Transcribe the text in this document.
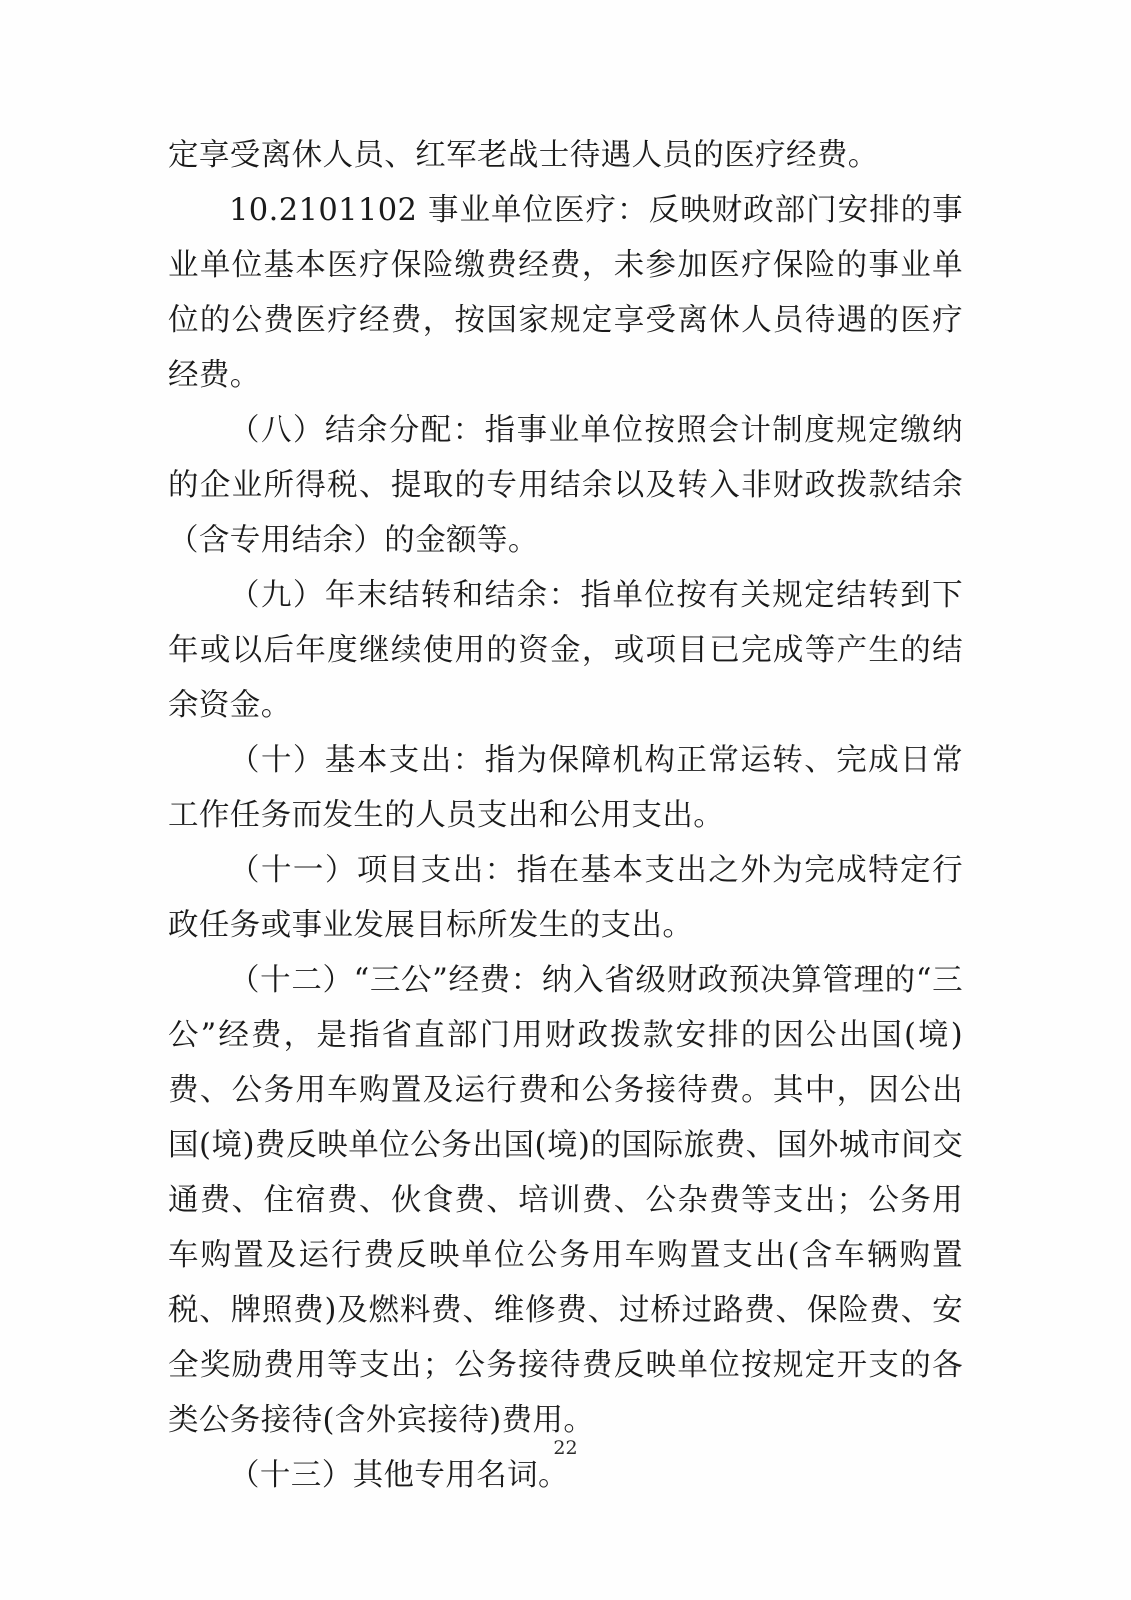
定享受离休人员、红军老战士待遇人员的医疗经费。

10.2101102 事业单位医疗：反映财政部门安排的事业单位基本医疗保险缴费经费，未参加医疗保险的事业单位的公费医疗经费，按国家规定享受离休人员待遇的医疗经费。

（八）结余分配：指事业单位按照会计制度规定缴纳的企业所得税、提取的专用结余以及转入非财政拨款结余（含专用结余）的金额等。

（九）年末结转和结余：指单位按有关规定结转到下年或以后年度继续使用的资金，或项目已完成等产生的结余资金。

（十）基本支出：指为保障机构正常运转、完成日常工作任务而发生的人员支出和公用支出。

（十一）项目支出：指在基本支出之外为完成特定行政任务或事业发展目标所发生的支出。

（十二）“三公”经费：纳入省级财政预决算管理的“三公”经费，是指省直部门用财政拨款安排的因公出国(境)费、公务用车购置及运行费和公务接待费。其中，因公出国(境)费反映单位公务出国(境)的国际旅费、国外城市间交通费、住宿费、伙食费、培训费、公杂费等支出；公务用车购置及运行费反映单位公务用车购置支出(含车辆购置税、牌照费)及燃料费、维修费、过桥过路费、保险费、安全奖励费用等支出；公务接待费反映单位按规定开支的各类公务接待(含外宾接待)费用。

（十三）其他专用名词。

22
